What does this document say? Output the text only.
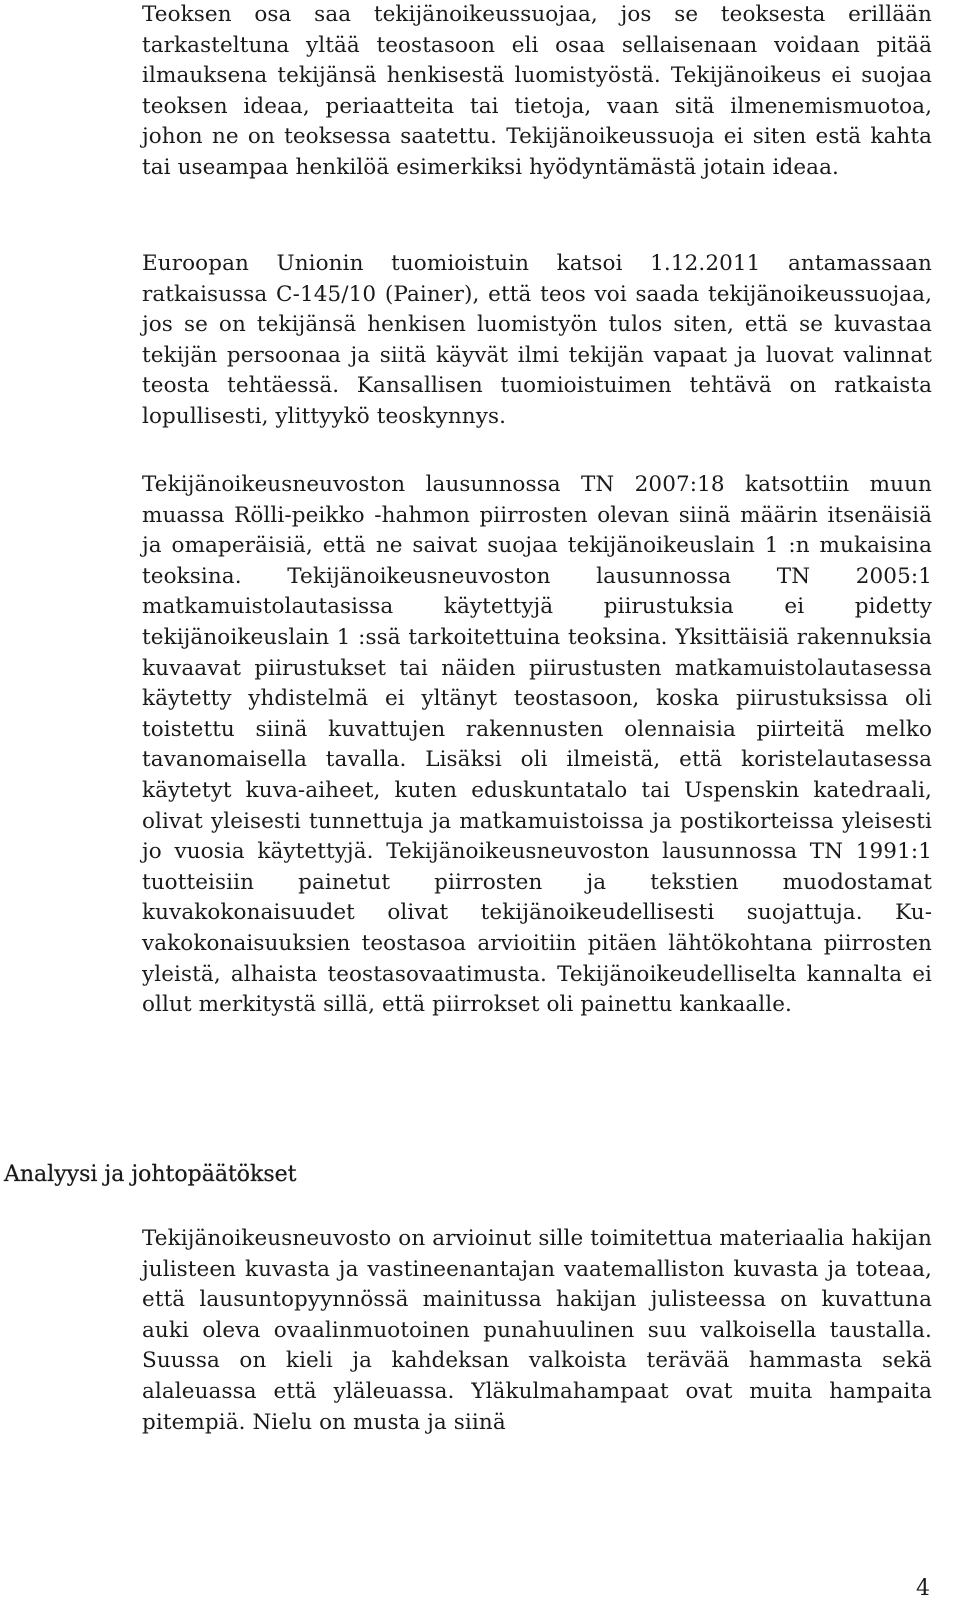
Teoksen osa saa tekijänoikeussuojaa, jos se teoksesta erillään tarkasteltuna yltää teostasoon eli osaa sellaisenaan voidaan pitää ilmauksena tekijänsä henkisestä luomistyöstä. Tekijänoikeus ei suojaa teoksen ideaa, periaatteita tai tietoja, vaan sitä ilmenemismuotoa, johon ne on teoksessa saatettu. Tekijänoikeussuoja ei siten estä kahta tai useampaa henkilöä esimerkiksi hyödyntämästä jotain ideaa.

Euroopan Unionin tuomioistuin katsoi 1.12.2011 antamassaan ratkaisussa C-145/10 (Painer), että teos voi saada tekijänoikeussuojaa, jos se on tekijänsä henkisen luomistyön tulos siten, että se kuvastaa tekijän persoonaa ja siitä käyvät ilmi tekijän vapaat ja luovat valinnat teosta tehtäessä. Kansallisen tuomioistuimen tehtävä on ratkaista lopullisesti, ylittyykö teoskynnys.

Tekijänoikeusneuvoston lausunnossa TN 2007:18 katsottiin muun muassa Rölli-peikko -hahmon piirrosten olevan siinä määrin itsenäisiä ja omaperäisiä, että ne saivat suojaa tekijänoikeuslain 1 :n mukaisina teoksina. Tekijänoikeusneuvoston lausunnossa TN 2005:1 matkamuistolautasissa käytettyjä piirustuksia ei pidetty tekijänoikeuslain 1 :ssä tarkoitettuina teoksina. Yksittäisiä rakennuksia kuvaavat piirustukset tai näiden piirustusten matkamuistolautasessa käytetty yhdistelmä ei yltänyt teostasoon, koska piirustuksissa oli toistettu siinä kuvattujen rakennusten olennaisia piirteitä melko tavanomaisella tavalla. Lisäksi oli ilmeistä, että koristelautasessa käytetyt kuva-aiheet, kuten eduskuntatalo tai Uspenskin katedraali, olivat yleisesti tunnettuja ja matkamuistoissa ja postikorteissa yleisesti jo vuosia käytettyjä. Tekijänoikeusneuvoston lausunnossa TN 1991:1 tuotteisiin painetut piirrosten ja tekstien muodostamat kuvakokonaisuudet olivat tekijänoikeudellisesti suojattuja. Kuvakokonaisuuksien teostasoa arvioitiin pitäen lähtökohtana piirrosten yleistä, alhaista teostasovaatimusta. Tekijänoikeudelliselta kannalta ei ollut merkitystä sillä, että piirrokset oli painettu kankaalle.

Analyysi ja johtopäätökset

Tekijänoikeusneuvosto on arvioinut sille toimitettua materiaalia hakijan julisteen kuvasta ja vastineenantajan vaatemalliston kuvasta ja toteaa, että lausuntopyynnössä mainitussa hakijan julisteessa on kuvattuna auki oleva ovaalinmuotoinen punahuulinen suu valkoisella taustalla. Suussa on kieli ja kahdeksan valkoista terävää hammasta sekä alaleuassa että yläleuassa. Yläkulmahampaat ovat muita hampaita pitempiä. Nielu on musta ja siinä

4
